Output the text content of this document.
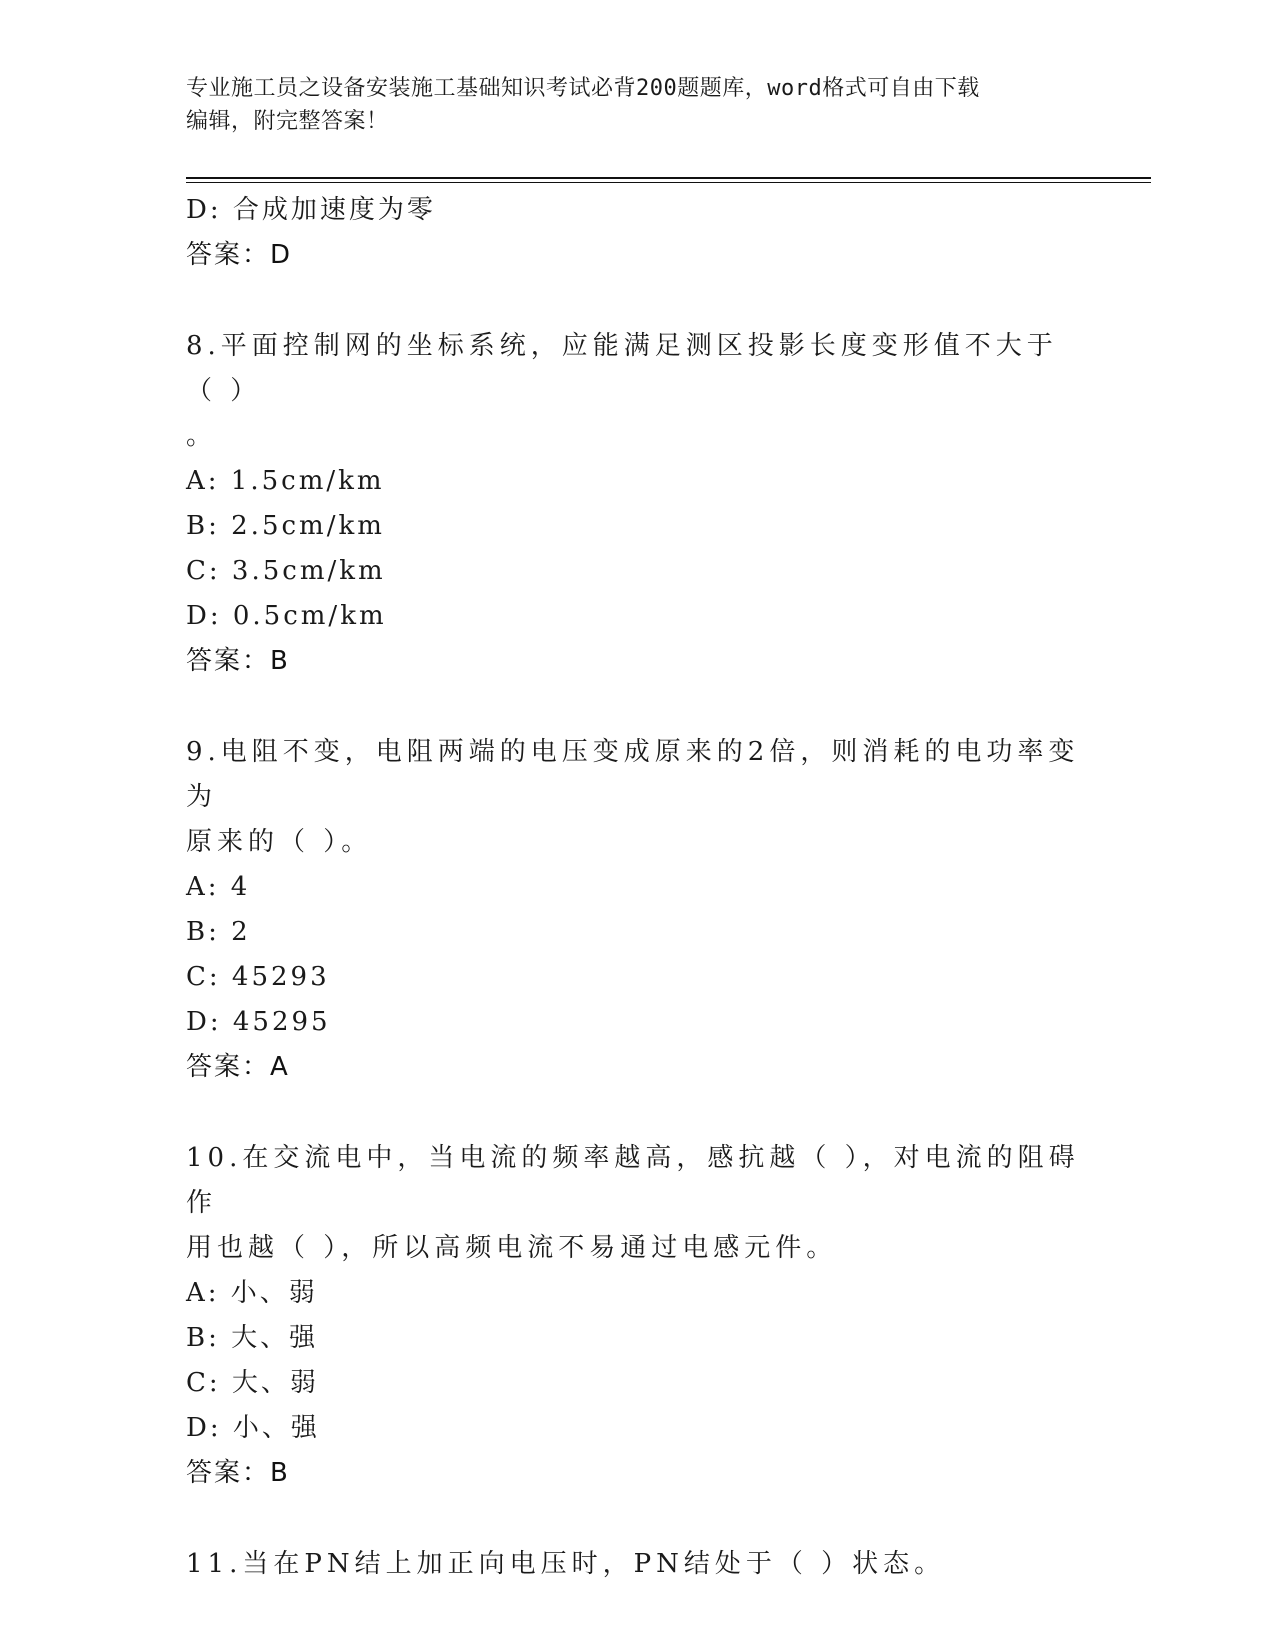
专业施工员之设备安装施工基础知识考试必背200题题库，word格式可自由下载
编辑，附完整答案！
D: 合成加速度为零
答案：D
8.平面控制网的坐标系统，应能满足测区投影长度变形值不大于（ ）
。
A: 1.5cm/km
B: 2.5cm/km
C: 3.5cm/km
D: 0.5cm/km
答案：B
9.电阻不变，电阻两端的电压变成原来的2倍，则消耗的电功率变为
原来的（ ）。
A: 4
B: 2
C: 45293
D: 45295
答案：A
10.在交流电中，当电流的频率越高，感抗越（ ），对电流的阻碍作
用也越（ ），所以高频电流不易通过电感元件。
A: 小、弱
B: 大、强
C: 大、弱
D: 小、强
答案：B
11.当在PN结上加正向电压时，PN结处于（ ）状态。
